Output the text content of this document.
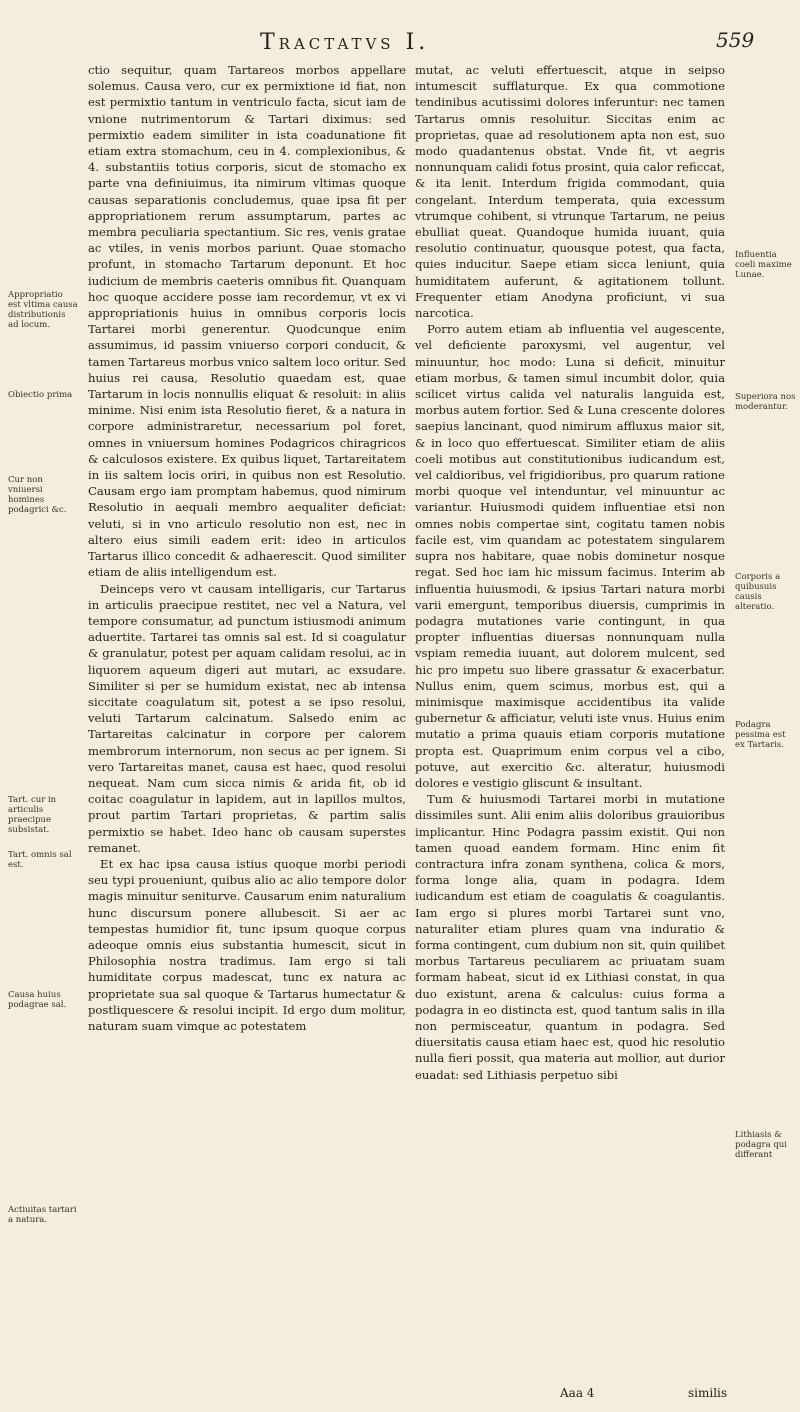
Tractatvs I.	559

ctio sequitur, quam Tartareos morbos appellare solemus. Causa vero, cur ex permixtione id fiat, non est permixtio tantum in ventriculo facta, sicut iam de vnione nutrimentorum & Tartari diximus: sed permixtio eadem similiter in ista coadunatione fit etiam extra stomachum, ceu in 4. complexionibus, & 4. substantiis totius corporis, sicut de stomacho ex parte vna definiuimus, ita nimirum vltimas quoque causas separationis concludemus, quae ipsa fit per appropriationem rerum assumptarum, partes ac membra peculiaria spectantium. Sic res, venis gratae ac vtiles, in venis morbos pariunt. Quae stomacho profunt, in stomacho Tartarum deponunt. Et hoc iudicium de membris caeteris omnibus fit. Quanquam hoc quoque accidere posse iam recordemur, vt ex vi appropriationis huius in omnibus corporis locis Tartarei morbi generentur. Quodcunque enim assumimus, id passim vniuerso corpori conducit, & tamen Tartareus morbus vnico saltem loco oritur. Sed huius rei causa, Resolutio quaedam est, quae Tartarum in locis nonnullis eliquat & resoluit: in aliis minime. Nisi enim ista Resolutio fieret, & a natura in corpore administraretur, necessarium pol foret, omnes in vniuersum homines Podagricos chiragricos & calculosos existere. Ex quibus liquet, Tartareitatem in iis saltem locis oriri, in quibus non est Resolutio. Causam ergo iam promptam habemus, quod nimirum Resolutio in aequali membro aequaliter deficiat: veluti, si in vno articulo resolutio non est, nec in altero eius simili eadem erit: ideo in articulos Tartarus illico concedit & adhaerescit. Quod similiter etiam de aliis intelligendum est.

Deinceps vero vt causam intelligaris, cur Tartarus in articulis praecipue restitet, nec vel a Natura, vel tempore consumatur, ad punctum istiusmodi animum aduertite. Tartarei tas omnis sal est. Id si coagulatur & granulatur, potest per aquam calidam resolui, ac in liquorem aqueum digeri aut mutari, ac exsudare. Similiter si per se humidum existat, nec ab intensa siccitate coagulatum sit, potest a se ipso resolui, veluti Tartarum calcinatum. Salsedo enim ac Tartareitas calcinatur in corpore per calorem membrorum internorum, non secus ac per ignem. Si vero Tartareitas manet, causa est haec, quod resolui nequeat. Nam cum sicca nimis & arida fit, ob id coitac coagulatur in lapidem, aut in lapillos multos, prout partim Tartari proprietas, & partim salis permixtio se habet. Ideo hanc ob causam superstes remanet.

Et ex hac ipsa causa istius quoque morbi periodi seu typi proueniunt, quibus alio ac alio tempore dolor magis minuitur seniturve. Causarum enim naturalium hunc discursum ponere allubescit. Si aer ac tempestas humidior fit, tunc ipsum quoque corpus adeoque omnis eius substantia humescit, sicut in Philosophia nostra tradimus. Iam ergo si tali humiditate corpus madescat, tunc ex natura ac proprietate sua sal quoque & Tartarus humectatur & postliquescere & resolui incipit. Id ergo dum molitur, naturam suam vimque ac potestatem

mutat, ac veluti effertuescit, atque in seipso intumescit sufflaturque. Ex qua commotione tendinibus acutissimi dolores inferuntur: nec tamen Tartarus omnis resoluitur. Siccitas enim ac proprietas, quae ad resolutionem apta non est, suo modo quadantenus obstat. Vnde fit, vt aegris nonnunquam calidi fotus prosint, quia calor reficcat, & ita lenit. Interdum frigida commodant, quia congelant. Interdum temperata, quia excessum vtrumque cohibent, si vtrunque Tartarum, ne peius ebulliat queat. Quandoque humida iuuant, quia resolutio continuatur, quousque potest, qua facta, quies inducitur. Saepe etiam sicca leniunt, quia humiditatem auferunt, & agitationem tollunt. Frequenter etiam Anodyna proficiunt, vi sua narcotica.

Porro autem etiam ab influentia vel augescente, vel deficiente paroxysmi, vel augentur, vel minuuntur, hoc modo: Luna si deficit, minuitur etiam morbus, & tamen simul incumbit dolor, quia scilicet virtus calida vel naturalis languida est, morbus autem fortior. Sed & Luna crescente dolores saepius lancinant, quod nimirum affluxus maior sit, & in loco quo effertuescat. Similiter etiam de aliis coeli motibus aut constitutionibus iudicandum est, vel caldioribus, vel frigidioribus, pro quarum ratione morbi quoque vel intenduntur, vel minuuntur ac variantur. Huiusmodi quidem influentiae etsi non omnes nobis compertae sint, cogitatu tamen nobis facile est, vim quandam ac potestatem singularem supra nos habitare, quae nobis dominetur nosque regat. Sed hoc iam hic missum facimus. Interim ab influentia huiusmodi, & ipsius Tartari natura morbi varii emergunt, temporibus diuersis, cumprimis in podagra mutationes varie contingunt, in qua propter influentias diuersas nonnunquam nulla vspiam remedia iuuant, aut dolorem mulcent, sed hic pro impetu suo libere grassatur & exacerbatur. Nullus enim, quem scimus, morbus est, qui a minimisque maximisque accidentibus ita valide gubernetur & afficiatur, veluti iste vnus. Huius enim mutatio a prima quauis etiam corporis mutatione propta est. Quaprimum enim corpus vel a cibo, potuve, aut exercitio &c. alteratur, huiusmodi dolores e vestigio gliscunt & insultant.

Tum & huiusmodi Tartarei morbi in mutatione dissimiles sunt. Alii enim aliis doloribus grauioribus implicantur. Hinc Podagra passim existit. Qui non tamen quoad eandem formam. Hinc enim fit contractura infra zonam synthena, colica & mors, forma longe alia, quam in podagra. Idem iudicandum est etiam de coagulatis & coagulantis. Iam ergo si plures morbi Tartarei sunt vno, naturaliter etiam plures quam vna induratio & forma contingent, cum dubium non sit, quin quilibet morbus Tartareus peculiarem ac priuatam suam formam habeat, sicut id ex Lithiasi constat, in qua duo existunt, arena & calculus: cuius forma a podagra in eo distincta est, quod tantum salis in illa non permisceatur, quantum in podagra. Sed diuersitatis causa etiam haec est, quod hic resolutio nulla fieri possit, qua materia aut mollior, aut durior euadat: sed Lithiasis perpetuo sibi

Appropriatio est vltima causa distributionis ad locum.
Obiectio prima
Cur non vniuersi homines podagrici &c.
Tart. cur in articulis praecipue subsistat.
Tart. omnis sal est.
Causa huius podagrae sal.
Actiuitas tartari a natura.
Influentia coeli maxime Lunae.
Superiora nos moderantur.
Corporis a quibusuis causis alteratio.
Podagra pessima est ex Tartaris.
Lithiasis & podagra qui differant
Aaa 4	similis
